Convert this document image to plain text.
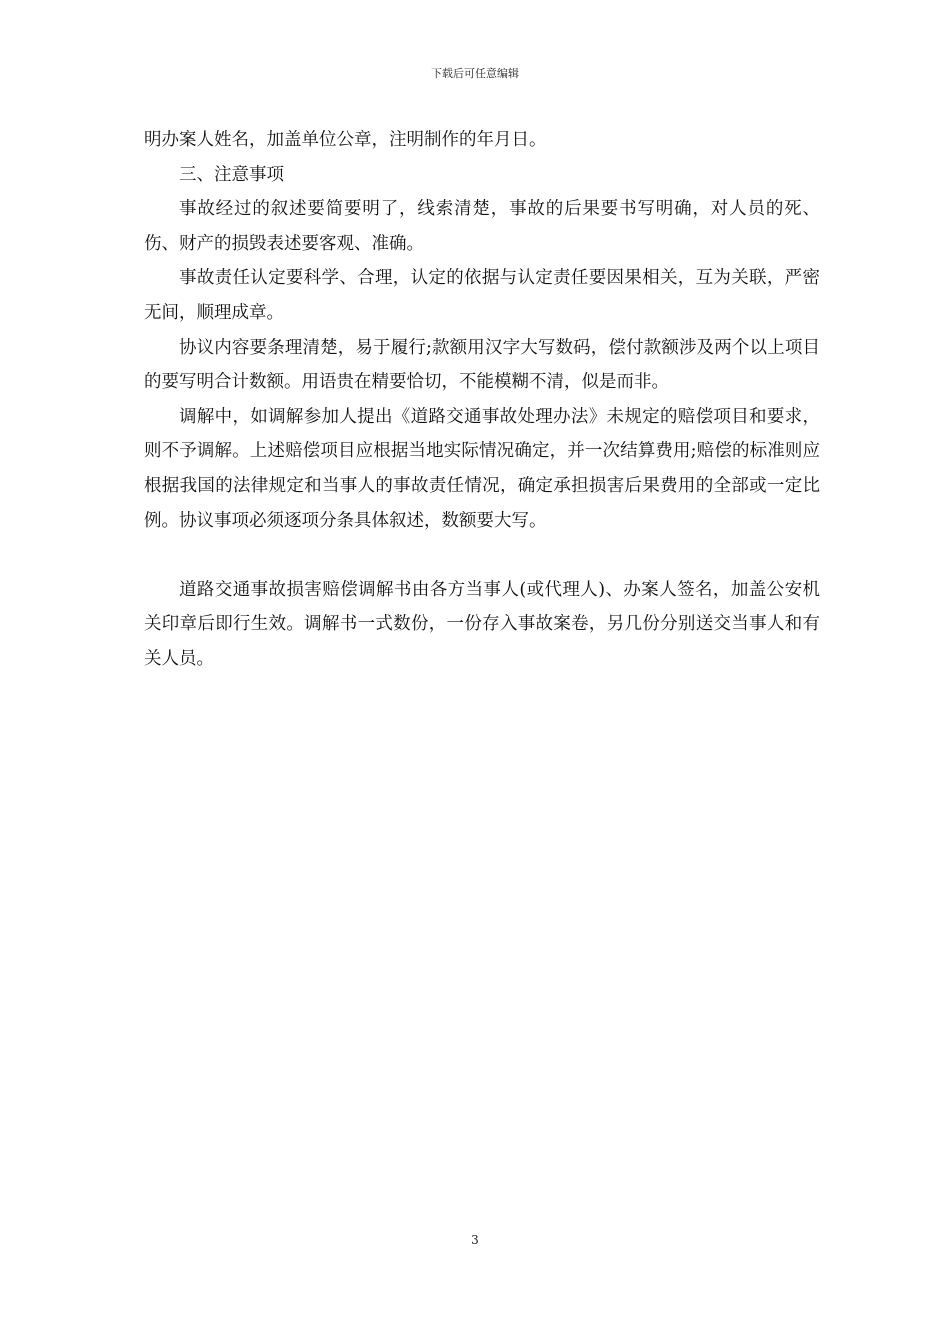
下载后可任意编辑

明办案人姓名，加盖单位公章，注明制作的年月日。

三、注意事项

事故经过的叙述要简要明了，线索清楚，事故的后果要书写明确，对人员的死、伤、财产的损毁表述要客观、准确。

事故责任认定要科学、合理，认定的依据与认定责任要因果相关，互为关联，严密无间，顺理成章。

协议内容要条理清楚，易于履行;款额用汉字大写数码，偿付款额涉及两个以上项目的要写明合计数额。用语贵在精要恰切，不能模糊不清，似是而非。

调解中，如调解参加人提出《道路交通事故处理办法》未规定的赔偿项目和要求，则不予调解。上述赔偿项目应根据当地实际情况确定，并一次结算费用;赔偿的标准则应根据我国的法律规定和当事人的事故责任情况，确定承担损害后果费用的全部或一定比例。协议事项必须逐项分条具体叙述，数额要大写。

道路交通事故损害赔偿调解书由各方当事人(或代理人)、办案人签名，加盖公安机关印章后即行生效。调解书一式数份，一份存入事故案卷，另几份分别送交当事人和有关人员。

3
